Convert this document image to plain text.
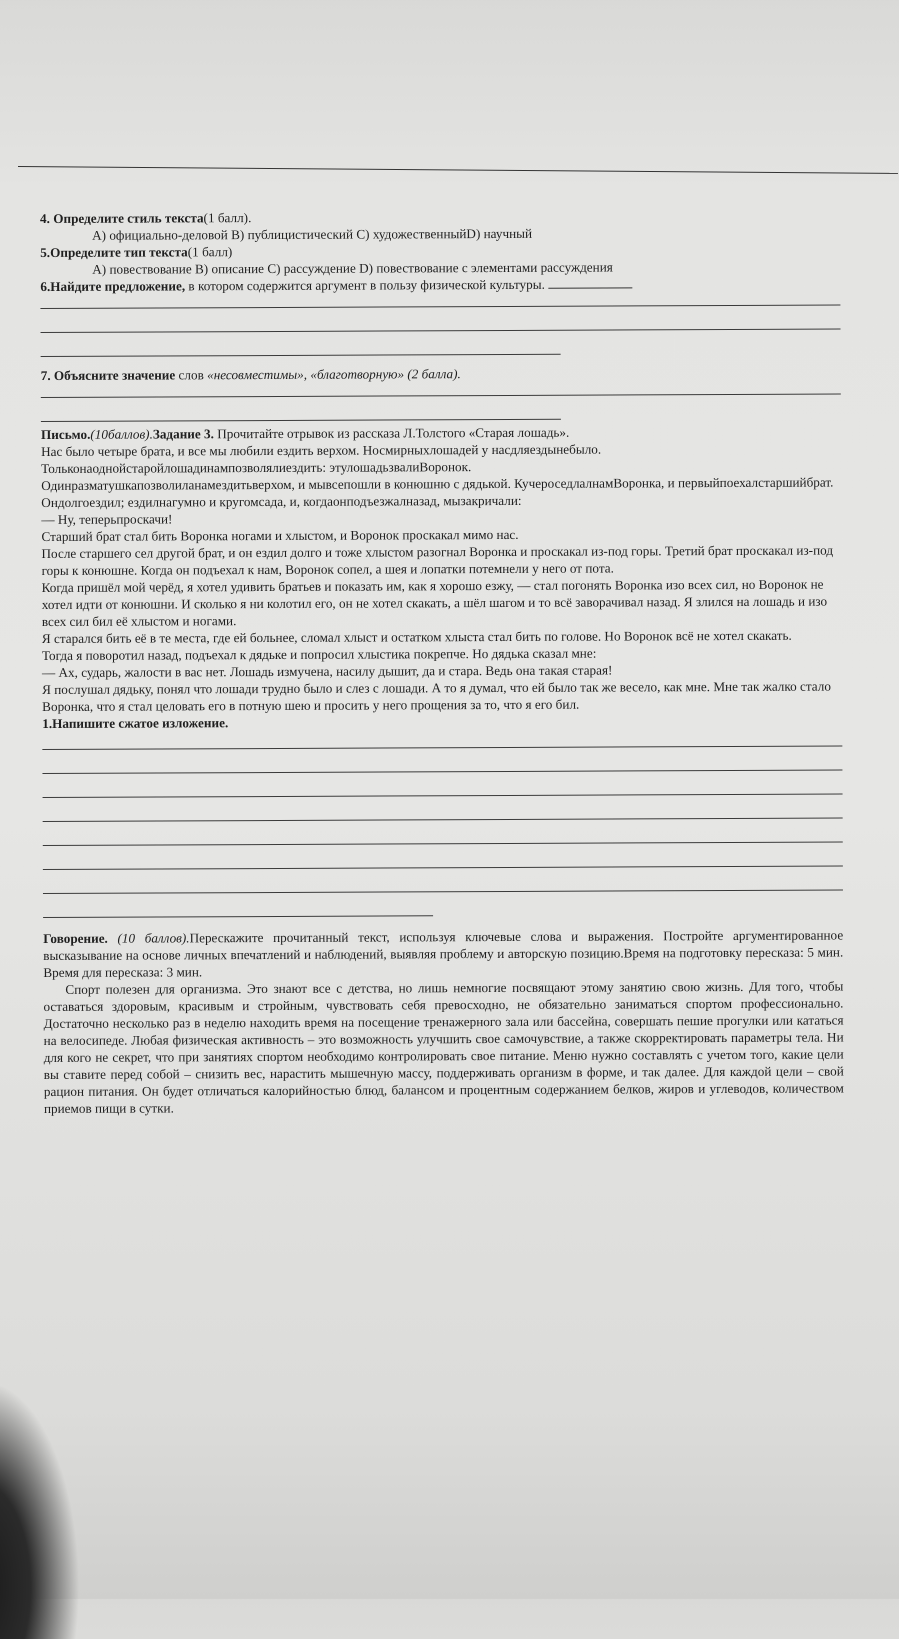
4. Определите стиль текста(1 балл).

А) официально-деловой В) публицистический С) художественныйD) научный

5.Определите тип текста(1 балл)

А) повествование В) описание С) рассуждение D) повествование с элементами рассуждения

6.Найдите предложение, в котором содержится аргумент в пользу физической культуры.

7. Объясните значение слов «несовместимы», «благотворную» (2 балла).

Письмо.(10баллов).Задание 3. Прочитайте отрывок из рассказа Л.Толстого «Старая лошадь».

Нас было четыре брата, и все мы любили ездить верхом. Носмирныхлошадей у насдляездынебыло.

Тольконаоднойстаройлошадинампозволялиездить: этулошадьзвалиВоронок.

Одинразматушкапозволиланамездитьверхом, и мывсепошли в конюшню с дядькой. КучероседлалнамВоронка, и первыйпоехалстаршийбрат.

Ондолгоездил; ездилнагумно и кругомсада, и, когдаонподъезжалназад, мызакричали:

— Ну, теперьпроскачи!

Старший брат стал бить Воронка ногами и хлыстом, и Воронок проскакал мимо нас.

После старшего сел другой брат, и он ездил долго и тоже хлыстом разогнал Воронка и проскакал из-под горы. Третий брат проскакал из-под горы к конюшне. Когда он подъехал к нам, Воронок сопел, а шея и лопатки потемнели у него от пота.

Когда пришёл мой черёд, я хотел удивить братьев и показать им, как я хорошо езжу, — стал погонять Воронка изо всех сил, но Воронок не хотел идти от конюшни. И сколько я ни колотил его, он не хотел скакать, а шёл шагом и то всё заворачивал назад. Я злился на лошадь и изо всех сил бил её хлыстом и ногами.

Я старался бить её в те места, где ей больнее, сломал хлыст и остатком хлыста стал бить по голове. Но Воронок всё не хотел скакать.

Тогда я поворотил назад, подъехал к дядьке и попросил хлыстика покрепче. Но дядька сказал мне:

— Ах, сударь, жалости в вас нет. Лошадь измучена, насилу дышит, да и стара. Ведь она такая старая!

Я послушал дядьку, понял что лошади трудно было и слез с лошади. А то я думал, что ей было так же весело, как мне. Мне так жалко стало Воронка, что я стал целовать его в потную шею и просить у него прощения за то, что я его бил.

1.Напишите сжатое изложение.

Говорение. (10 баллов).Перескажите прочитанный текст, используя ключевые слова и выражения. Постройте аргументированное высказывание на основе личных впечатлений и наблюдений, выявляя проблему и авторскую позицию.Время на подготовку пересказа: 5 мин. Время для пересказа: 3 мин.

Спорт полезен для организма. Это знают все с детства, но лишь немногие посвящают этому занятию свою жизнь. Для того, чтобы оставаться здоровым, красивым и стройным, чувствовать себя превосходно, не обязательно заниматься спортом профессионально. Достаточно несколько раз в неделю находить время на посещение тренажерного зала или бассейна, совершать пешие прогулки или кататься на велосипеде. Любая физическая активность – это возможность улучшить свое самочувствие, а также скорректировать параметры тела. Ни для кого не секрет, что при занятиях спортом необходимо контролировать свое питание. Меню нужно составлять с учетом того, какие цели вы ставите перед собой – снизить вес, нарастить мышечную массу, поддерживать организм в форме, и так далее. Для каждой цели – свой рацион питания. Он будет отличаться калорийностью блюд, балансом и процентным содержанием белков, жиров и углеводов, количеством приемов пищи в сутки.
